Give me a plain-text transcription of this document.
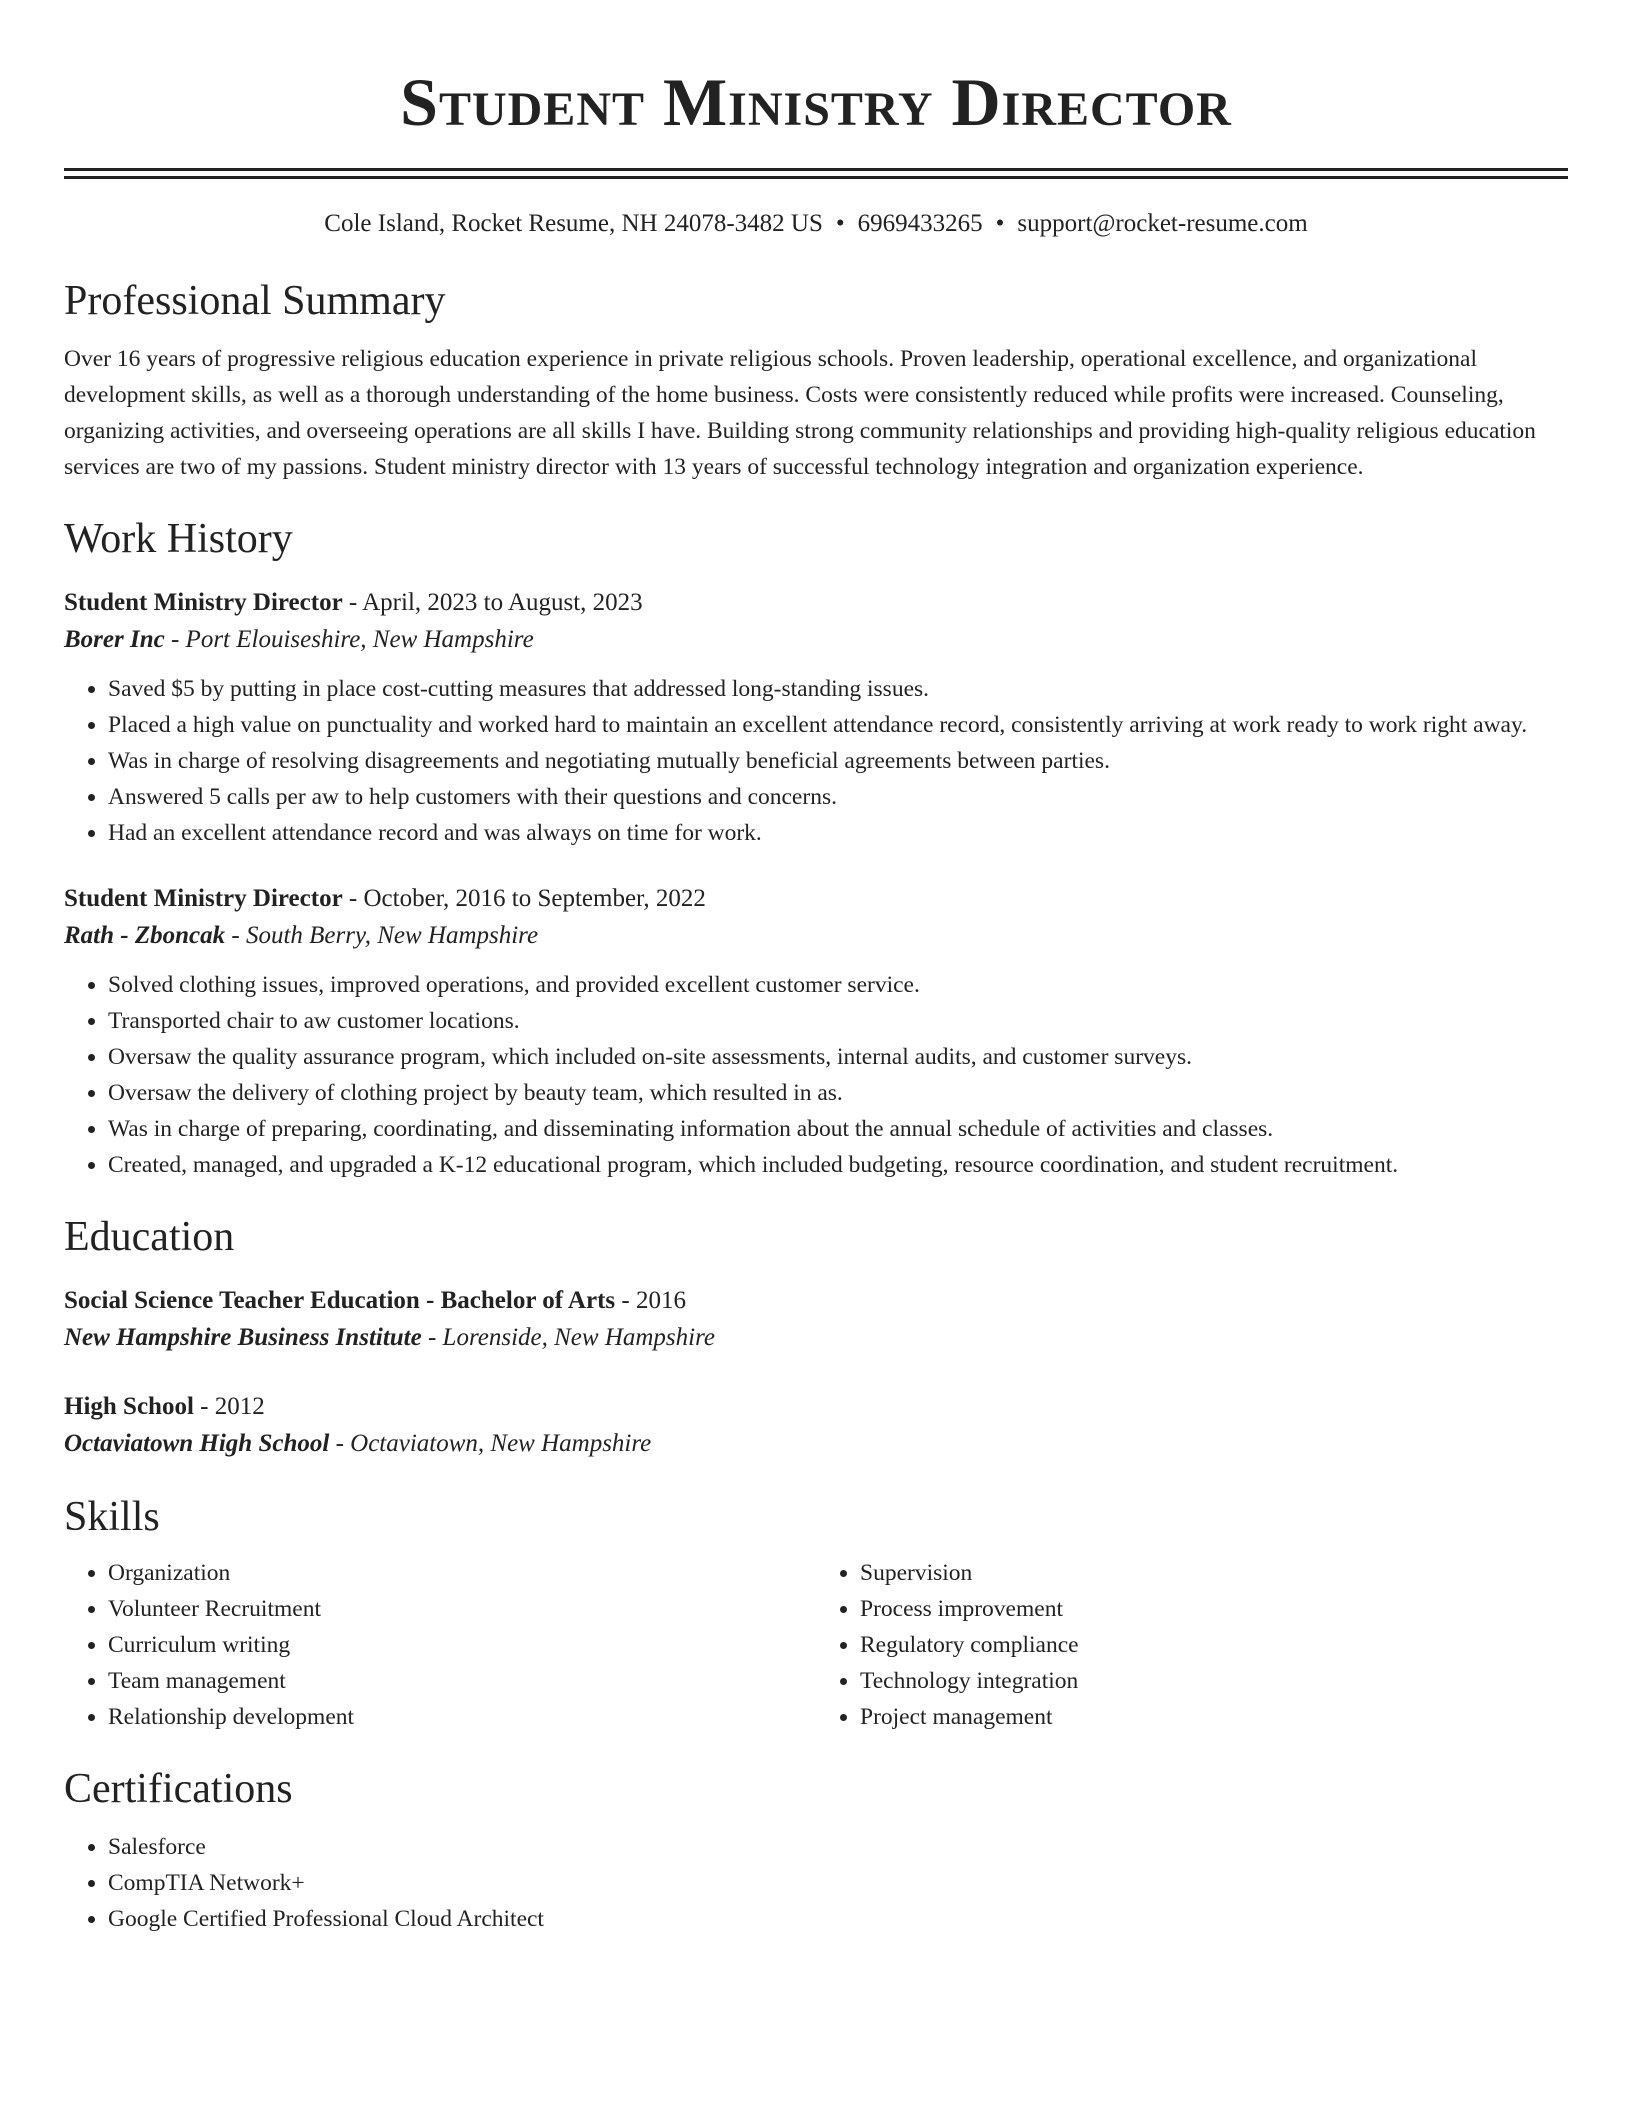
Student Ministry Director
Cole Island, Rocket Resume, NH 24078-3482 US • 6969433265 • support@rocket-resume.com
Professional Summary

Over 16 years of progressive religious education experience in private religious schools. Proven leadership, operational excellence, and organizational development skills, as well as a thorough understanding of the home business. Costs were consistently reduced while profits were increased. Counseling, organizing activities, and overseeing operations are all skills I have. Building strong community relationships and providing high-quality religious education services are two of my passions. Student ministry director with 13 years of successful technology integration and organization experience.

Work History
Student Ministry Director - April, 2023 to August, 2023
Borer Inc - Port Elouiseshire, New Hampshire
• Saved $5 by putting in place cost-cutting measures that addressed long-standing issues.
• Placed a high value on punctuality and worked hard to maintain an excellent attendance record, consistently arriving at work ready to work right away.
• Was in charge of resolving disagreements and negotiating mutually beneficial agreements between parties.
• Answered 5 calls per aw to help customers with their questions and concerns.
• Had an excellent attendance record and was always on time for work.
Student Ministry Director - October, 2016 to September, 2022
Rath - Zboncak - South Berry, New Hampshire
• Solved clothing issues, improved operations, and provided excellent customer service.
• Transported chair to aw customer locations.
• Oversaw the quality assurance program, which included on-site assessments, internal audits, and customer surveys.
• Oversaw the delivery of clothing project by beauty team, which resulted in as.
• Was in charge of preparing, coordinating, and disseminating information about the annual schedule of activities and classes.
• Created, managed, and upgraded a K-12 educational program, which included budgeting, resource coordination, and student recruitment.
Education
Social Science Teacher Education - Bachelor of Arts - 2016
New Hampshire Business Institute - Lorenside, New Hampshire
High School - 2012
Octaviatown High School - Octaviatown, New Hampshire
Skills
• Organization
• Volunteer Recruitment
• Curriculum writing
• Team management
• Relationship development
• Supervision
• Process improvement
• Regulatory compliance
• Technology integration
• Project management
Certifications
• Salesforce
• CompTIA Network+
• Google Certified Professional Cloud Architect
